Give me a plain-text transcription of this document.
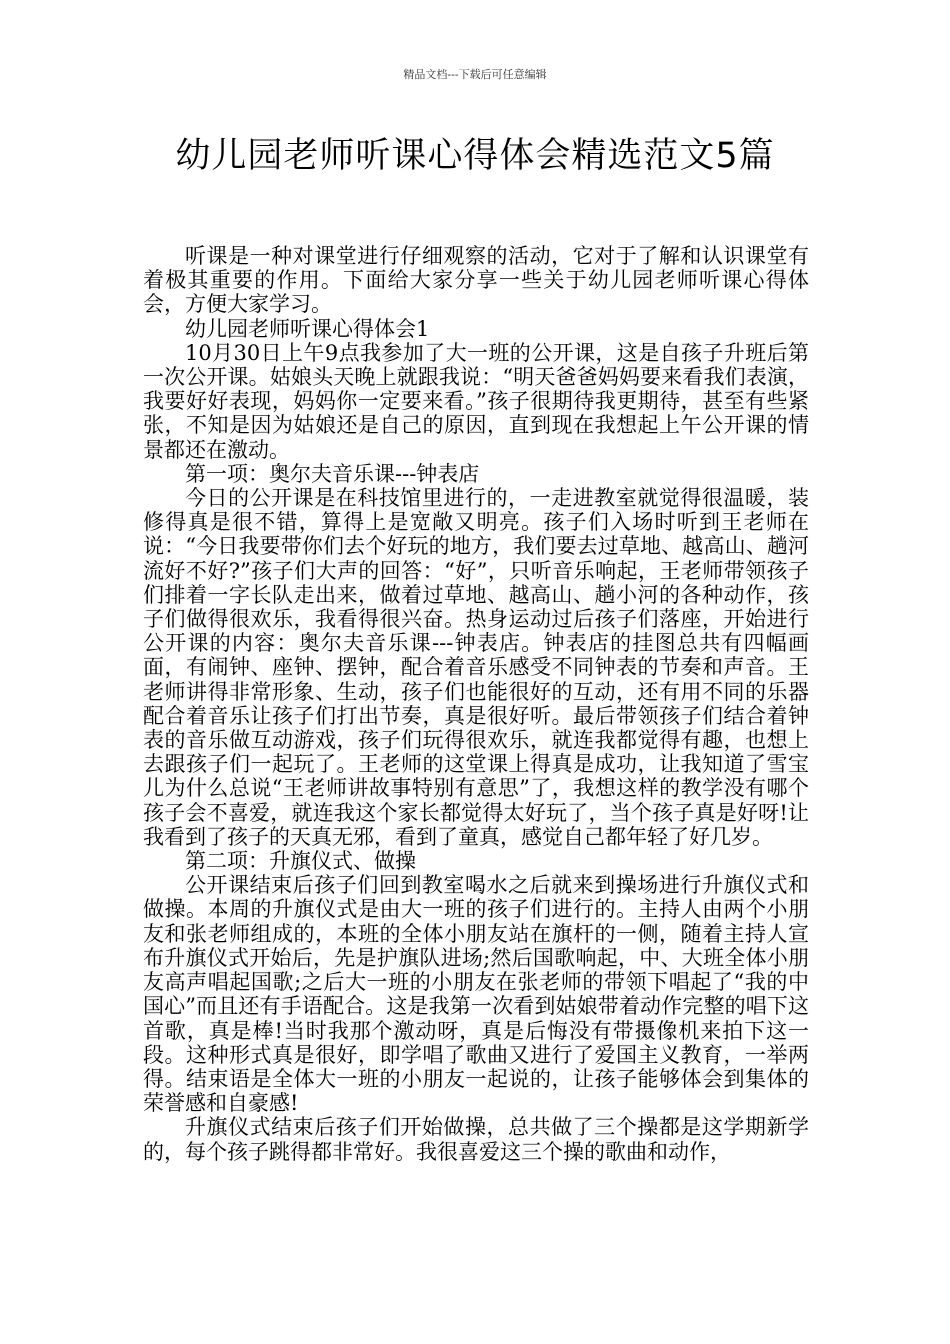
精品文档---下载后可任意编辑
幼儿园老师听课心得体会精选范文5篇

听课是一种对课堂进行仔细观察的活动，它对于了解和认识课堂有着极其重要的作用。下面给大家分享一些关于幼儿园老师听课心得体会，方便大家学习。

幼儿园老师听课心得体会1

10月30日上午9点我参加了大一班的公开课，这是自孩子升班后第一次公开课。姑娘头天晚上就跟我说：“明天爸爸妈妈要来看我们表演，我要好好表现，妈妈你一定要来看。”孩子很期待我更期待，甚至有些紧张，不知是因为姑娘还是自己的原因，直到现在我想起上午公开课的情景都还在激动。

第一项：奥尔夫音乐课---钟表店

今日的公开课是在科技馆里进行的，一走进教室就觉得很温暖，装修得真是很不错，算得上是宽敞又明亮。孩子们入场时听到王老师在说：“今日我要带你们去个好玩的地方，我们要去过草地、越高山、趟河流好不好?”孩子们大声的回答：“好”，只听音乐响起，王老师带领孩子们排着一字长队走出来，做着过草地、越高山、趟小河的各种动作，孩子们做得很欢乐，我看得很兴奋。热身运动过后孩子们落座，开始进行公开课的内容：奥尔夫音乐课---钟表店。钟表店的挂图总共有四幅画面，有闹钟、座钟、摆钟，配合着音乐感受不同钟表的节奏和声音。王老师讲得非常形象、生动，孩子们也能很好的互动，还有用不同的乐器配合着音乐让孩子们打出节奏，真是很好听。最后带领孩子们结合着钟表的音乐做互动游戏，孩子们玩得很欢乐，就连我都觉得有趣，也想上去跟孩子们一起玩了。王老师的这堂课上得真是成功，让我知道了雪宝儿为什么总说“王老师讲故事特别有意思”了，我想这样的教学没有哪个孩子会不喜爱，就连我这个家长都觉得太好玩了，当个孩子真是好呀!让我看到了孩子的天真无邪，看到了童真，感觉自己都年轻了好几岁。

第二项：升旗仪式、做操

公开课结束后孩子们回到教室喝水之后就来到操场进行升旗仪式和做操。本周的升旗仪式是由大一班的孩子们进行的。主持人由两个小朋友和张老师组成的，本班的全体小朋友站在旗杆的一侧，随着主持人宣布升旗仪式开始后，先是护旗队进场;然后国歌响起，中、大班全体小朋友高声唱起国歌;之后大一班的小朋友在张老师的带领下唱起了“我的中国心”而且还有手语配合。这是我第一次看到姑娘带着动作完整的唱下这首歌，真是棒!当时我那个激动呀，真是后悔没有带摄像机来拍下这一段。这种形式真是很好，即学唱了歌曲又进行了爱国主义教育，一举两得。结束语是全体大一班的小朋友一起说的，让孩子能够体会到集体的荣誉感和自豪感!

升旗仪式结束后孩子们开始做操，总共做了三个操都是这学期新学的，每个孩子跳得都非常好。我很喜爱这三个操的歌曲和动作，
